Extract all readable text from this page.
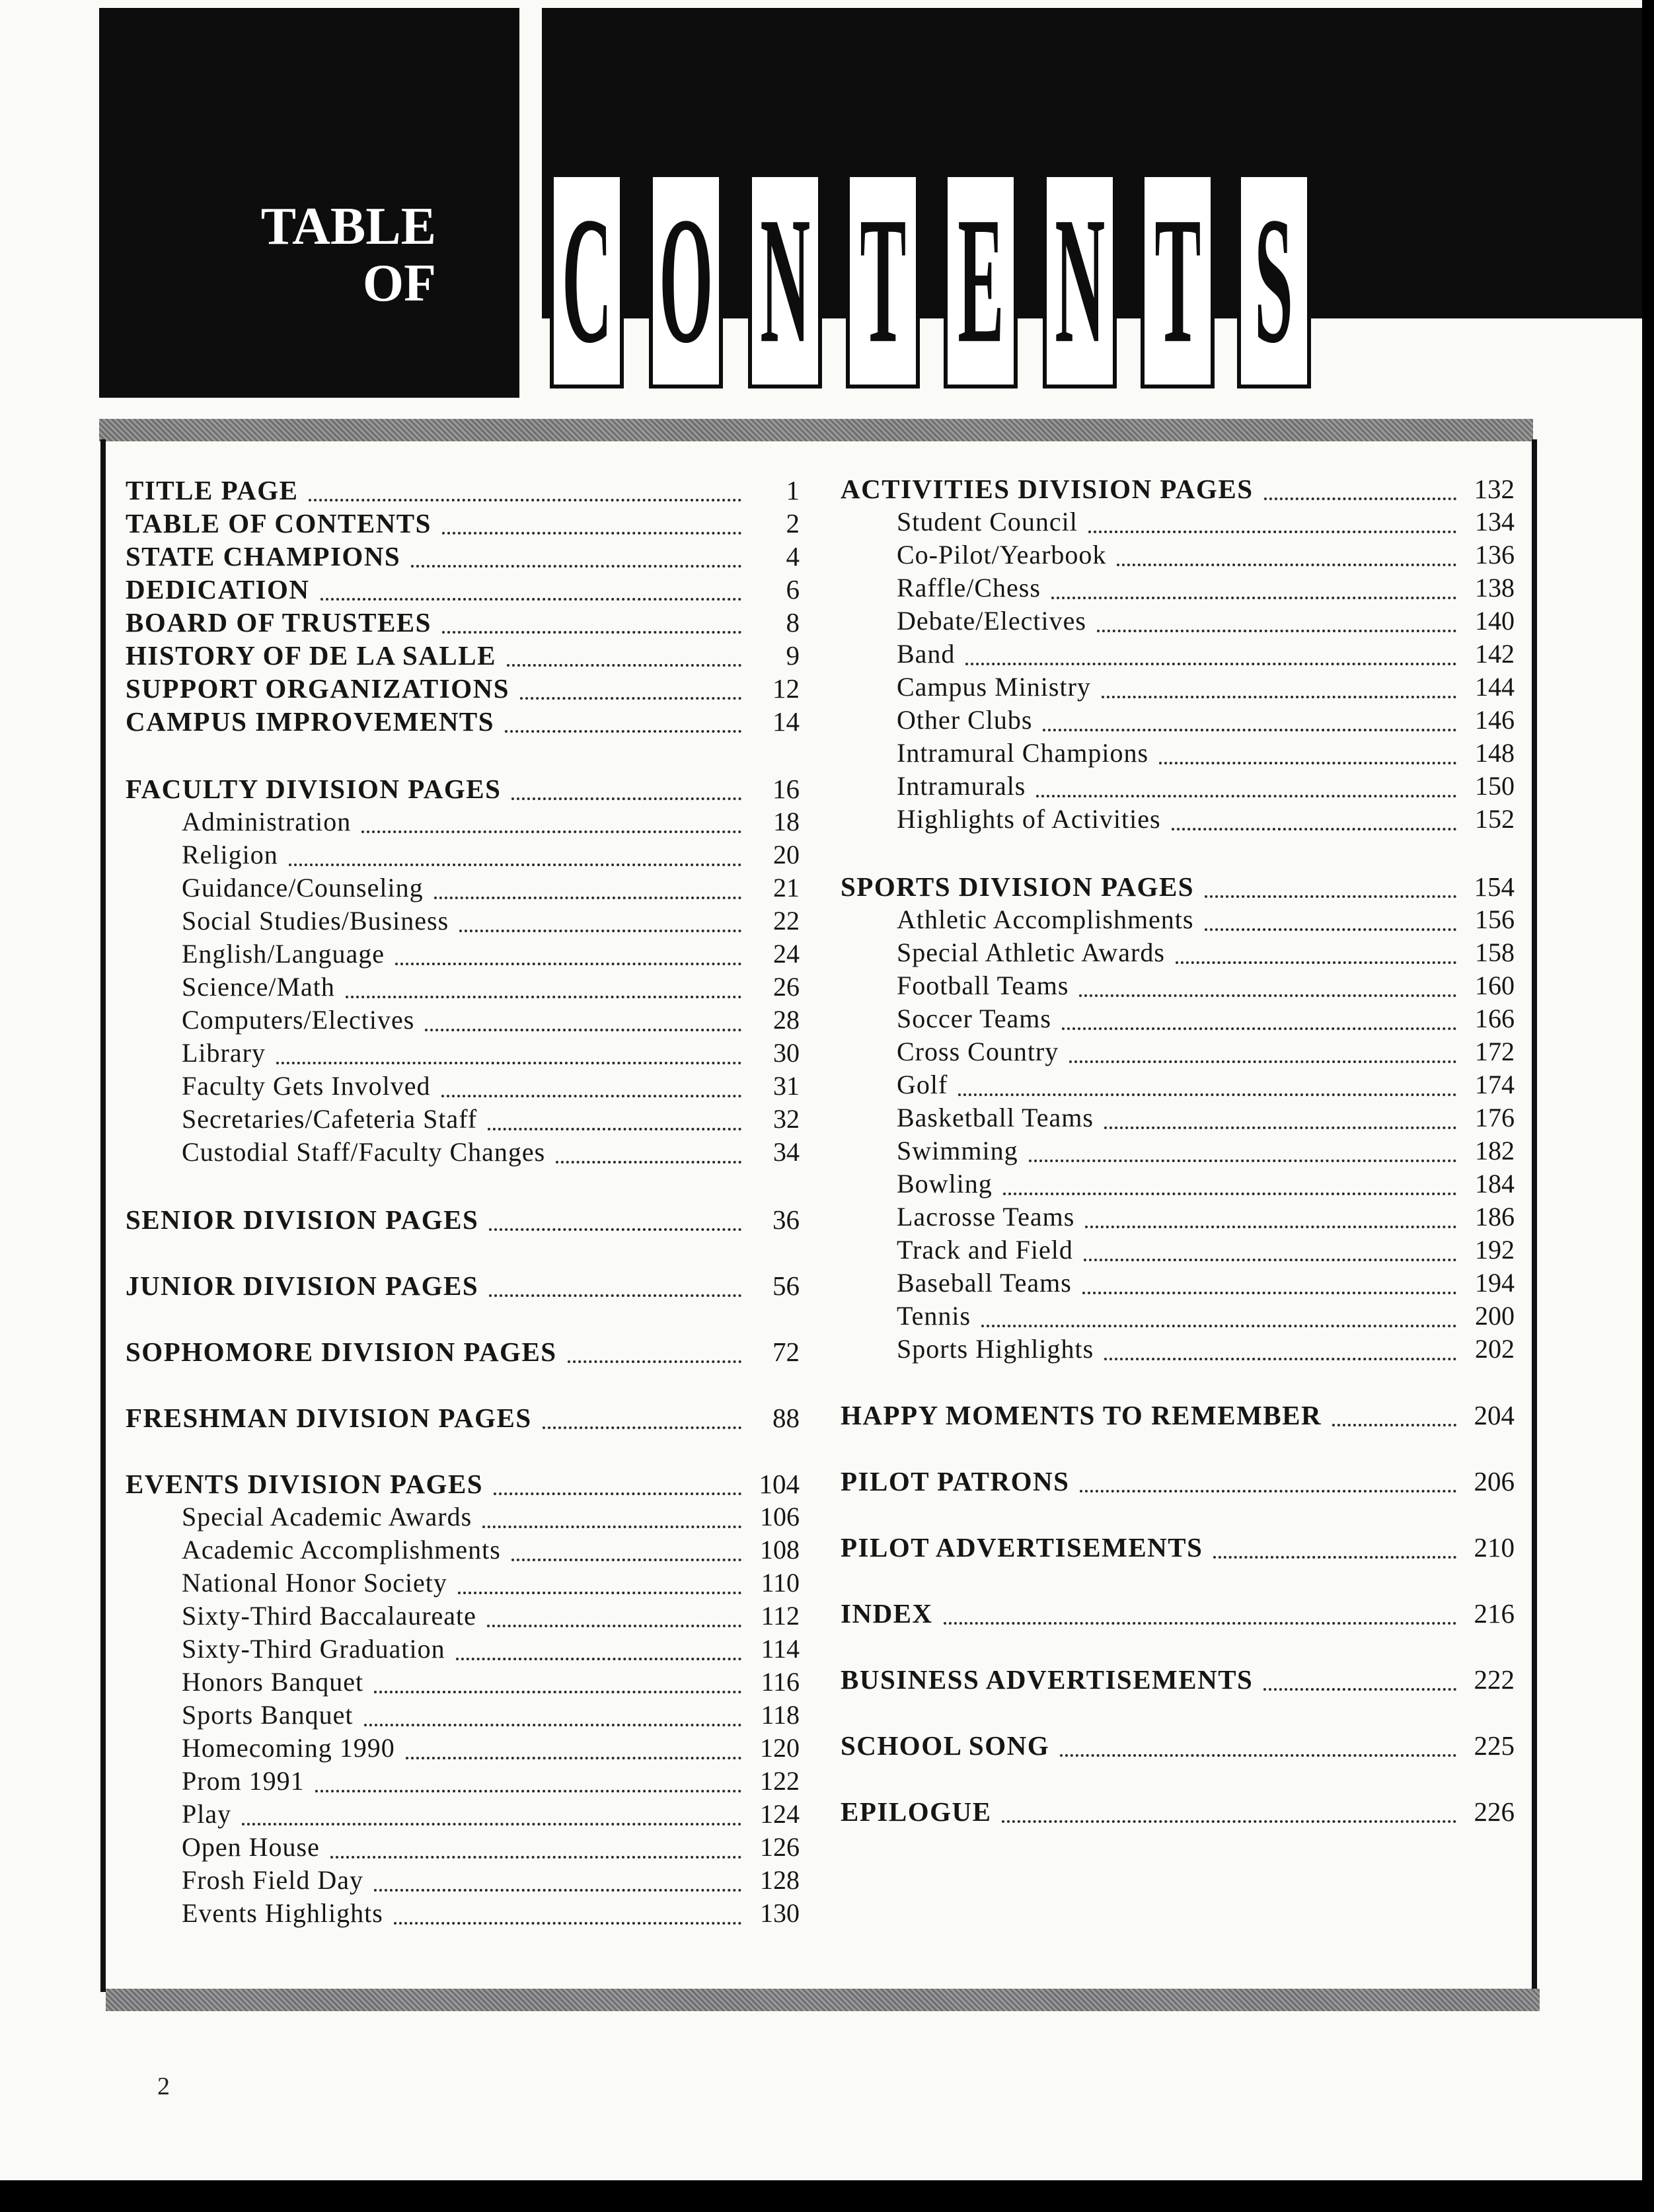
TABLE
OF C O N T E N T S
TITLE PAGE	1
TABLE OF CONTENTS	2
STATE CHAMPIONS	4
DEDICATION	6
BOARD OF TRUSTEES	8
HISTORY OF DE LA SALLE	9
SUPPORT ORGANIZATIONS	12
CAMPUS IMPROVEMENTS	14
FACULTY DIVISION PAGES	16
Administration	18
Religion	20
Guidance/Counseling	21
Social Studies/Business	22
English/Language	24
Science/Math	26
Computers/Electives	28
Library	30
Faculty Gets Involved	31
Secretaries/Cafeteria Staff	32
Custodial Staff/Faculty Changes	34
SENIOR DIVISION PAGES	36
JUNIOR DIVISION PAGES	56
SOPHOMORE DIVISION PAGES	72
FRESHMAN DIVISION PAGES	88
EVENTS DIVISION PAGES	104
Special Academic Awards	106
Academic Accomplishments	108
National Honor Society	110
Sixty-Third Baccalaureate	112
Sixty-Third Graduation	114
Honors Banquet	116
Sports Banquet	118
Homecoming 1990	120
Prom 1991	122
Play	124
Open House	126
Frosh Field Day	128
Events Highlights	130
ACTIVITIES DIVISION PAGES	132
Student Council	134
Co-Pilot/Yearbook	136
Raffle/Chess	138
Debate/Electives	140
Band	142
Campus Ministry	144
Other Clubs	146
Intramural Champions	148
Intramurals	150
Highlights of Activities	152
SPORTS DIVISION PAGES	154
Athletic Accomplishments	156
Special Athletic Awards	158
Football Teams	160
Soccer Teams	166
Cross Country	172
Golf	174
Basketball Teams	176
Swimming	182
Bowling	184
Lacrosse Teams	186
Track and Field	192
Baseball Teams	194
Tennis	200
Sports Highlights	202
HAPPY MOMENTS TO REMEMBER	204
PILOT PATRONS	206
PILOT ADVERTISEMENTS	210
INDEX	216
BUSINESS ADVERTISEMENTS	222
SCHOOL SONG	225
EPILOGUE	226
2
